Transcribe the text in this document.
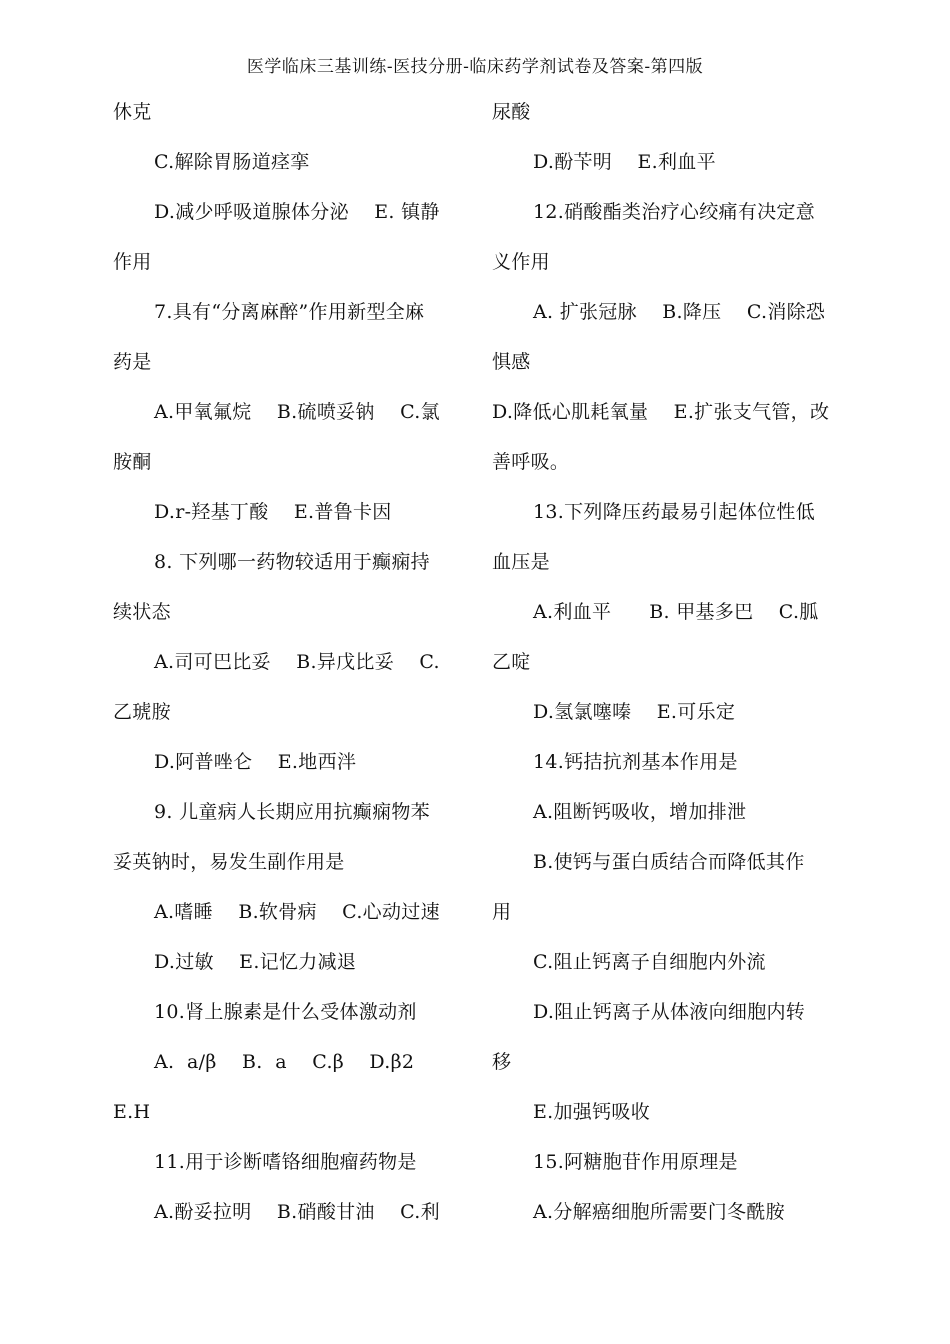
医学临床三基训练-医技分册-临床药学剂试卷及答案-第四版
休克
C.解除胃肠道痉挛
D.减少呼吸道腺体分泌    E. 镇静
作用
7.具有“分离麻醉”作用新型全麻
药是
A.甲氧氟烷    B.硫喷妥钠    C.氯
胺酮
D.r-羟基丁酸    E.普鲁卡因
8. 下列哪一药物较适用于癫痫持
续状态
A.司可巴比妥    B.异戊比妥    C.
乙琥胺
D.阿普唑仑    E.地西泮
9. 儿童病人长期应用抗癫痫物苯
妥英钠时，易发生副作用是
A.嗜睡    B.软骨病    C.心动过速
D.过敏    E.记忆力减退
10.肾上腺素是什么受体激动剂
A.  a/β    B.  a    C.β    D.β2
E.H
11.用于诊断嗜铬细胞瘤药物是
A.酚妥拉明    B.硝酸甘油    C.利
尿酸
D.酚苄明    E.利血平
12.硝酸酯类治疗心绞痛有决定意
义作用
A. 扩张冠脉    B.降压    C.消除恐
惧感
D.降低心肌耗氧量    E.扩张支气管，改
善呼吸。
13.下列降压药最易引起体位性低
血压是
A.利血平      B. 甲基多巴    C.胍
乙啶
D.氢氯噻嗪    E.可乐定
14.钙拮抗剂基本作用是
A.阻断钙吸收，增加排泄
B.使钙与蛋白质结合而降低其作
用
C.阻止钙离子自细胞内外流
D.阻止钙离子从体液向细胞内转
移
E.加强钙吸收
15.阿糖胞苷作用原理是
A.分解癌细胞所需要门冬酰胺
